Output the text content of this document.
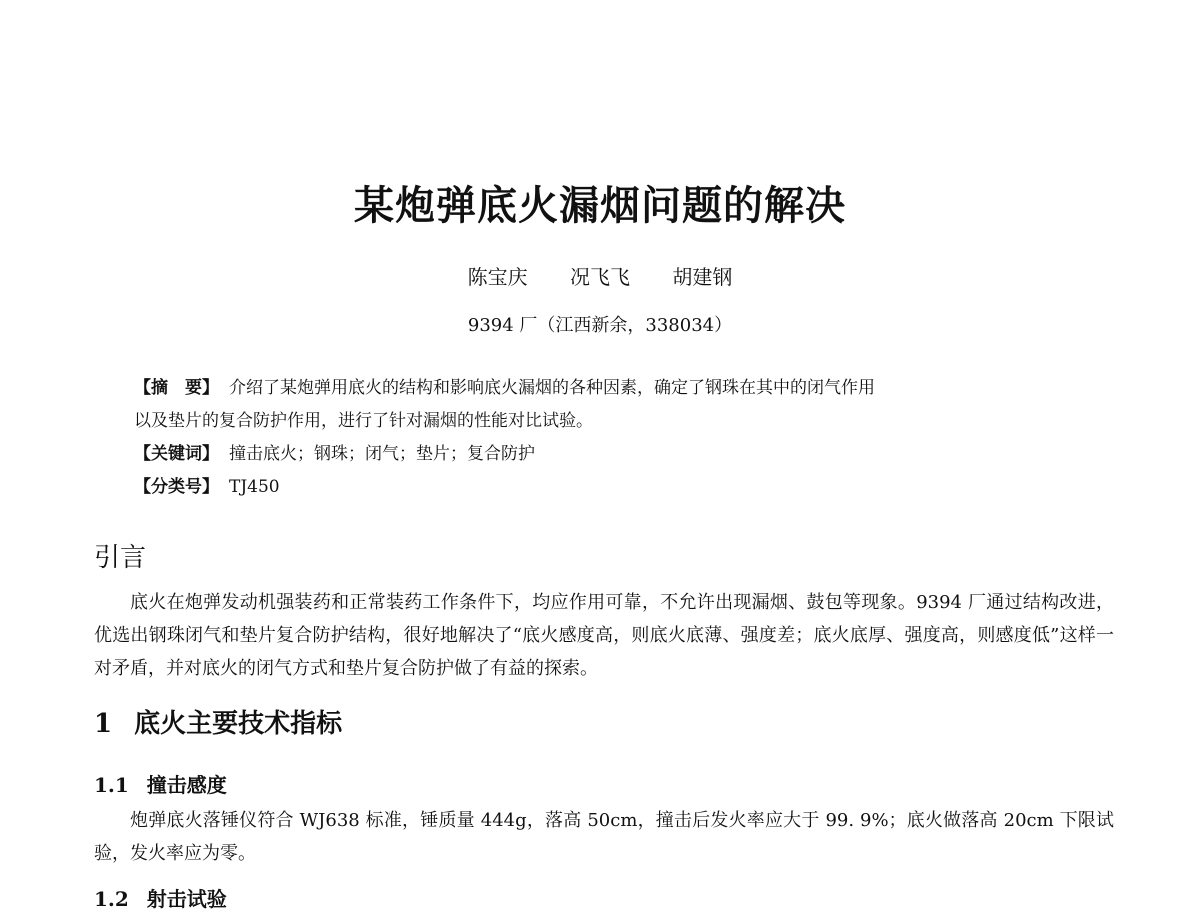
某炮弹底火漏烟问题的解决
陈宝庆 况飞飞 胡建钢
9394 厂（江西新余，338034）
【摘　要】 介绍了某炮弹用底火的结构和影响底火漏烟的各种因素，确定了钢珠在其中的闭气作用
以及垫片的复合防护作用，进行了针对漏烟的性能对比试验。
【关键词】 撞击底火；钢珠；闭气；垫片；复合防护
【分类号】 TJ450
引言

底火在炮弹发动机强装药和正常装药工作条件下，均应作用可靠，不允许出现漏烟、鼓包等现象。9394 厂通过结构改进，优选出钢珠闭气和垫片复合防护结构，很好地解决了“底火感度高，则底火底薄、强度差；底火底厚、强度高，则感度低”这样一对矛盾，并对底火的闭气方式和垫片复合防护做了有益的探索。

1 底火主要技术指标
1.1 撞击感度

炮弹底火落锤仪符合 WJ638 标准，锤质量 444g，落高 50cm，撞击后发火率应大于 99. 9%；底火做落高 20cm 下限试验，发火率应为零。

1.2 射击试验
